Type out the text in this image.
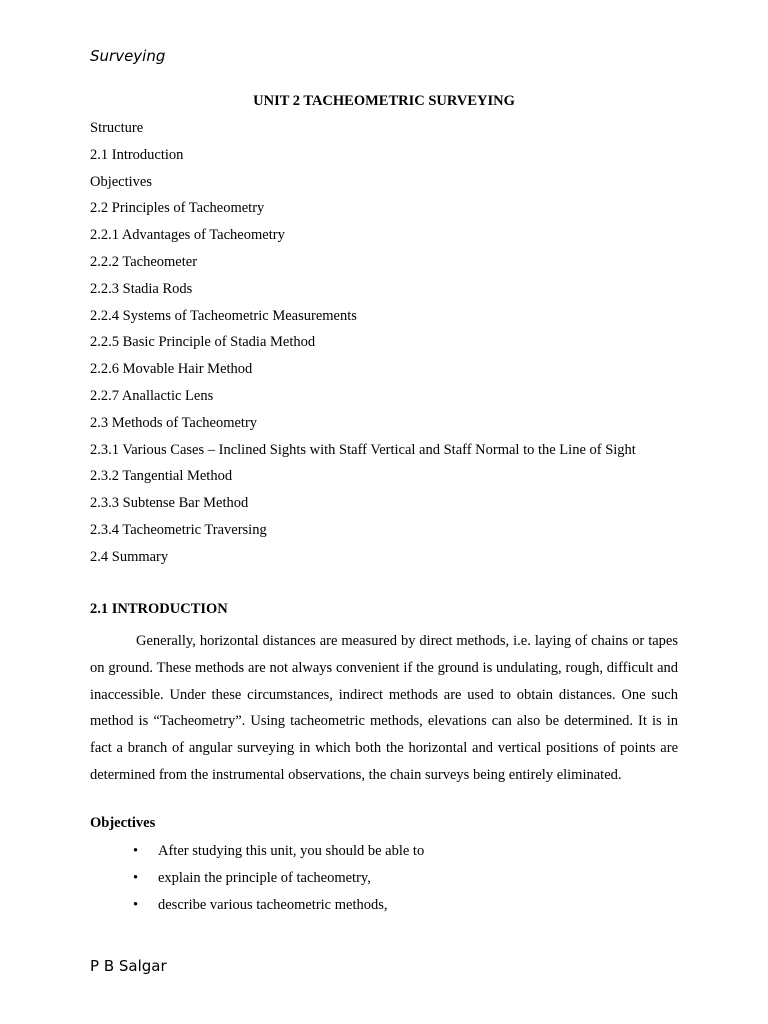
Surveying
UNIT 2 TACHEOMETRIC SURVEYING
Structure
2.1 Introduction
Objectives
2.2 Principles of Tacheometry
2.2.1 Advantages of Tacheometry
2.2.2 Tacheometer
2.2.3 Stadia Rods
2.2.4 Systems of Tacheometric Measurements
2.2.5 Basic Principle of Stadia Method
2.2.6 Movable Hair Method
2.2.7 Anallactic Lens
2.3 Methods of Tacheometry
2.3.1 Various Cases – Inclined Sights with Staff Vertical and Staff Normal to the Line of Sight
2.3.2 Tangential Method
2.3.3 Subtense Bar Method
2.3.4 Tacheometric Traversing
2.4 Summary
2.1 INTRODUCTION

Generally, horizontal distances are measured by direct methods, i.e. laying of chains or tapes on ground. These methods are not always convenient if the ground is undulating, rough, difficult and inaccessible. Under these circumstances, indirect methods are used to obtain distances. One such method is “Tacheometry”. Using tacheometric methods, elevations can also be determined. It is in fact a branch of angular surveying in which both the horizontal and vertical positions of points are determined from the instrumental observations, the chain surveys being entirely eliminated.

Objectives
• After studying this unit, you should be able to
• explain the principle of tacheometry,
• describe various tacheometric methods,
P B Salgar
